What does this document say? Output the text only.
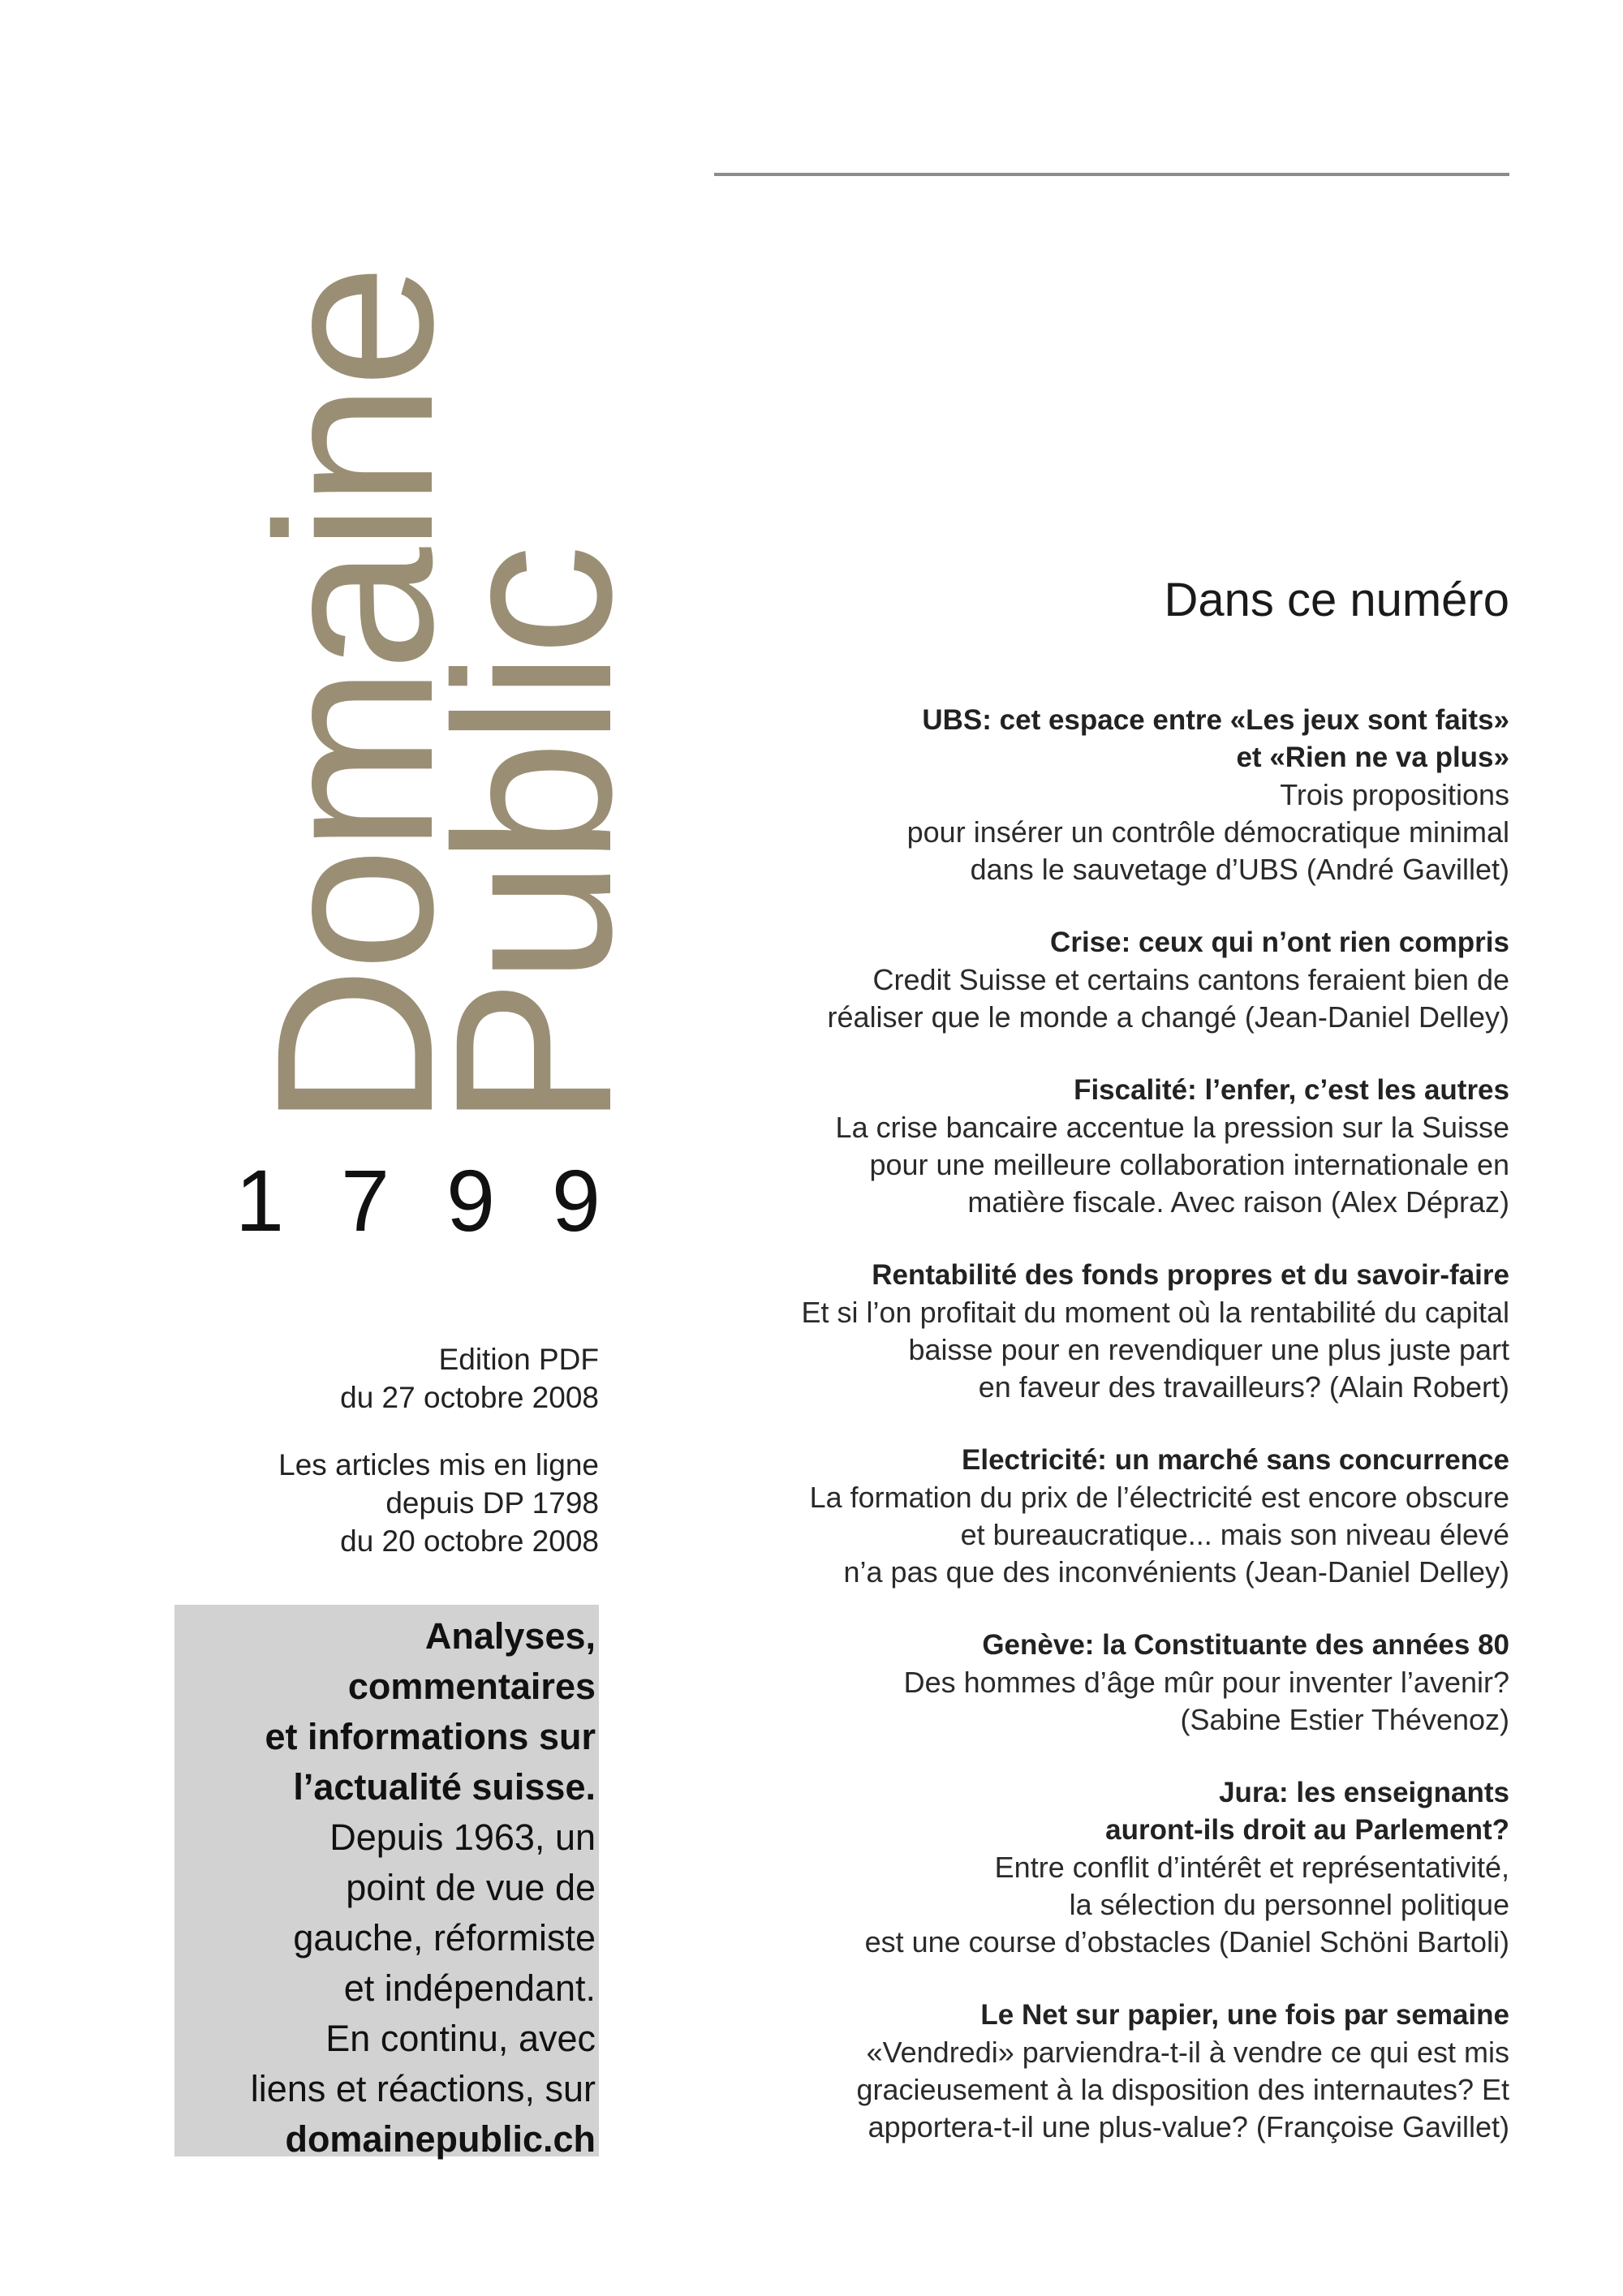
Domaine
Public
1 7 9 9

Edition PDF

du 27 octobre 2008

Les articles mis en ligne

depuis DP 1798

du 20 octobre 2008

Analyses,
commentaires
et informations sur
l’actualité suisse.
Depuis 1963, un
point de vue de
gauche, réformiste
et indépendant.
En continu, avec
liens et réactions, sur
domainepublic.ch
Dans ce numéro
UBS: cet espace entre «Les jeux sont faits»
et «Rien ne va plus»
Trois propositions
pour insérer un contrôle démocratique minimal
dans le sauvetage d’UBS (André Gavillet)
Crise: ceux qui n’ont rien compris
Credit Suisse et certains cantons feraient bien de
réaliser que le monde a changé (Jean-Daniel Delley)
Fiscalité: l’enfer, c’est les autres
La crise bancaire accentue la pression sur la Suisse
pour une meilleure collaboration internationale en
matière fiscale. Avec raison (Alex Dépraz)
Rentabilité des fonds propres et du savoir-faire
Et si l’on profitait du moment où la rentabilité du capital
baisse pour en revendiquer une plus juste part
en faveur des travailleurs? (Alain Robert)
Electricité: un marché sans concurrence
La formation du prix de l’électricité est encore obscure
et bureaucratique... mais son niveau élevé
n’a pas que des inconvénients (Jean-Daniel Delley)
Genève: la Constituante des années 80
Des hommes d’âge mûr pour inventer l’avenir?
(Sabine Estier Thévenoz)
Jura: les enseignants
auront-ils droit au Parlement?
Entre conflit d’intérêt et représentativité,
la sélection du personnel politique
est une course d’obstacles (Daniel Schöni Bartoli)
Le Net sur papier, une fois par semaine
«Vendredi» parviendra-t-il à vendre ce qui est mis
gracieusement à la disposition des internautes? Et
apportera-t-il une plus-value? (Françoise Gavillet)
